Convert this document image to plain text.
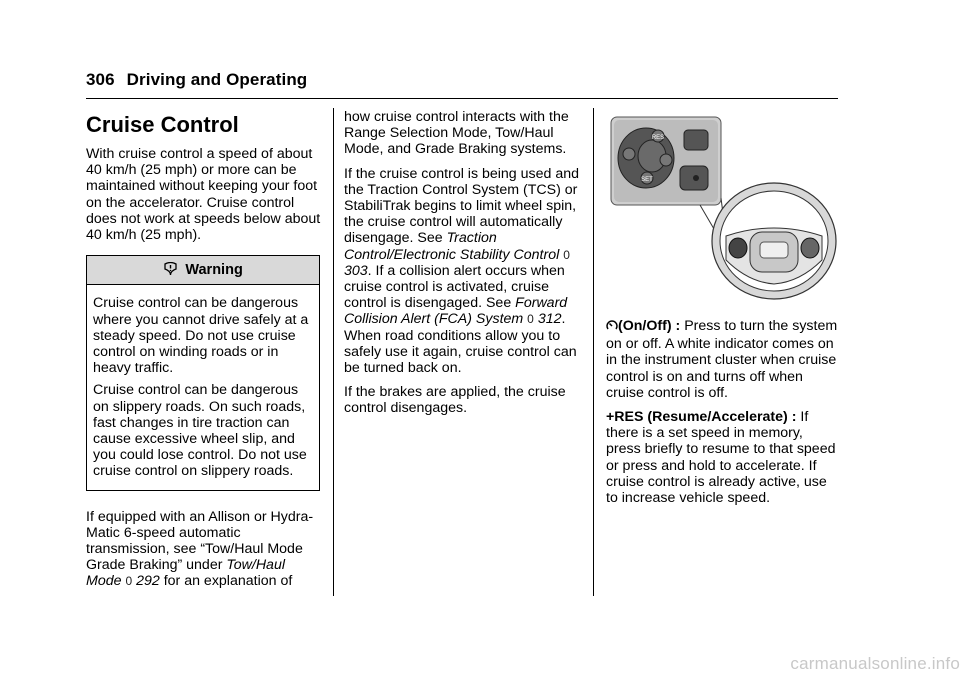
306 Driving and Operating
Cruise Control

With cruise control a speed of about 40 km/h (25 mph) or more can be maintained without keeping your foot on the accelerator. Cruise control does not work at speeds below about 40 km/h (25 mph).

Warning

Cruise control can be dangerous where you cannot drive safely at a steady speed. Do not use cruise control on winding roads or in heavy traffic.

Cruise control can be dangerous on slippery roads. On such roads, fast changes in tire traction can cause excessive wheel slip, and you could lose control. Do not use cruise control on slippery roads.

If equipped with an Allison or Hydra-Matic 6-speed automatic transmission, see “Tow/Haul Mode Grade Braking” under Tow/Haul Mode 0 292 for an explanation of

how cruise control interacts with the Range Selection Mode, Tow/Haul Mode, and Grade Braking systems.

If the cruise control is being used and the Traction Control System (TCS) or StabiliTrak begins to limit wheel spin, the cruise control will automatically disengage. See Traction Control/Electronic Stability Control 0 303. If a collision alert occurs when cruise control is activated, cruise control is disengaged. See Forward Collision Alert (FCA) System 0 312. When road conditions allow you to safely use it again, cruise control can be turned back on.

If the brakes are applied, the cruise control disengages.

RES
SET

(On/Off) : Press to turn the system on or off. A white indicator comes on in the instrument cluster when cruise control is on and turns off when cruise control is off.

+RES (Resume/Accelerate) : If there is a set speed in memory, press briefly to resume to that speed or press and hold to accelerate. If cruise control is already active, use to increase vehicle speed.

carmanualsonline.info
